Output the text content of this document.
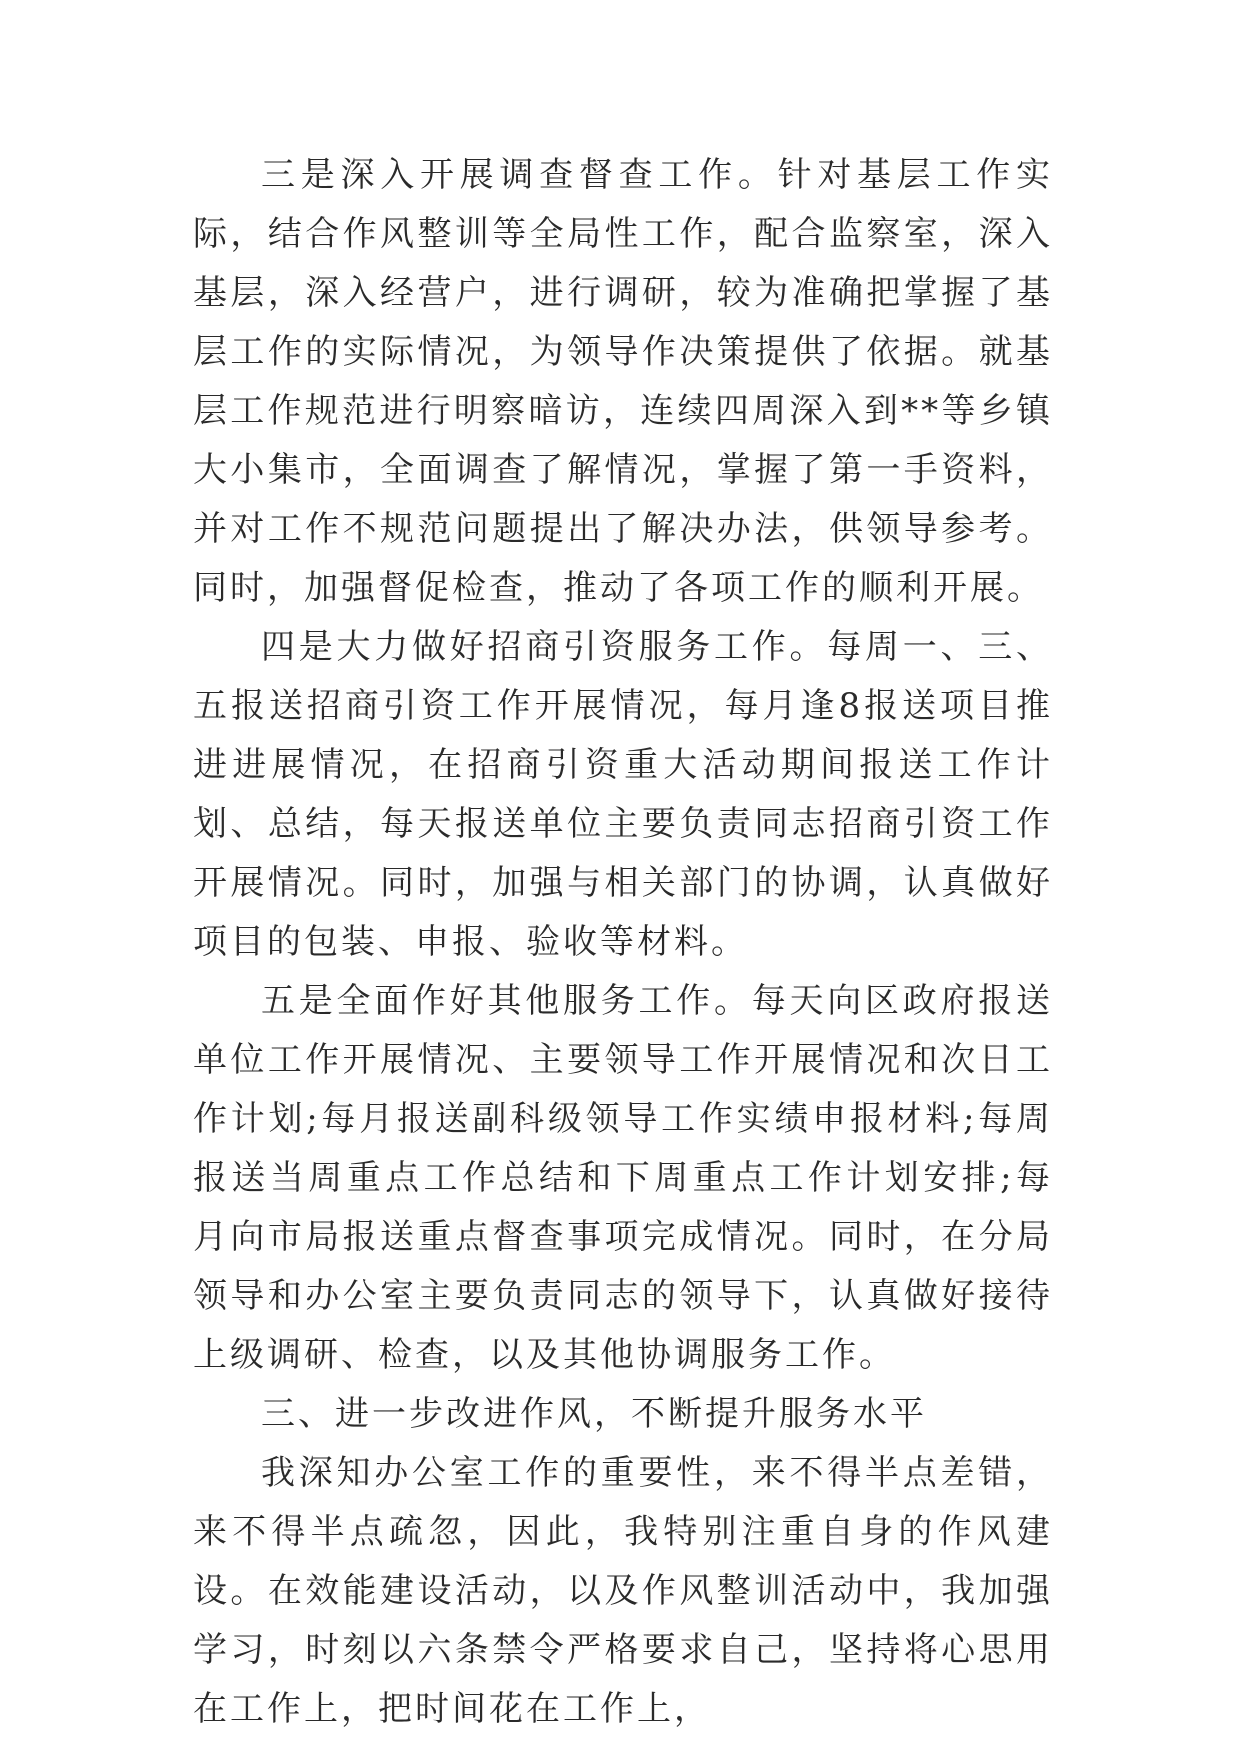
三是深入开展调查督查工作。针对基层工作实际，结合作风整训等全局性工作，配合监察室，深入基层，深入经营户，进行调研，较为准确把掌握了基层工作的实际情况，为领导作决策提供了依据。就基层工作规范进行明察暗访，连续四周深入到**等乡镇大小集市，全面调查了解情况，掌握了第一手资料，并对工作不规范问题提出了解决办法，供领导参考。同时，加强督促检查，推动了各项工作的顺利开展。

四是大力做好招商引资服务工作。每周一、三、五报送招商引资工作开展情况，每月逢8报送项目推进进展情况，在招商引资重大活动期间报送工作计划、总结，每天报送单位主要负责同志招商引资工作开展情况。同时，加强与相关部门的协调，认真做好项目的包装、申报、验收等材料。

五是全面作好其他服务工作。每天向区政府报送单位工作开展情况、主要领导工作开展情况和次日工作计划;每月报送副科级领导工作实绩申报材料;每周报送当周重点工作总结和下周重点工作计划安排;每月向市局报送重点督查事项完成情况。同时，在分局领导和办公室主要负责同志的领导下，认真做好接待上级调研、检查，以及其他协调服务工作。

三、进一步改进作风，不断提升服务水平

我深知办公室工作的重要性，来不得半点差错，来不得半点疏忽，因此，我特别注重自身的作风建设。在效能建设活动，以及作风整训活动中，我加强学习，时刻以六条禁令严格要求自己，坚持将心思用在工作上，把时间花在工作上，
